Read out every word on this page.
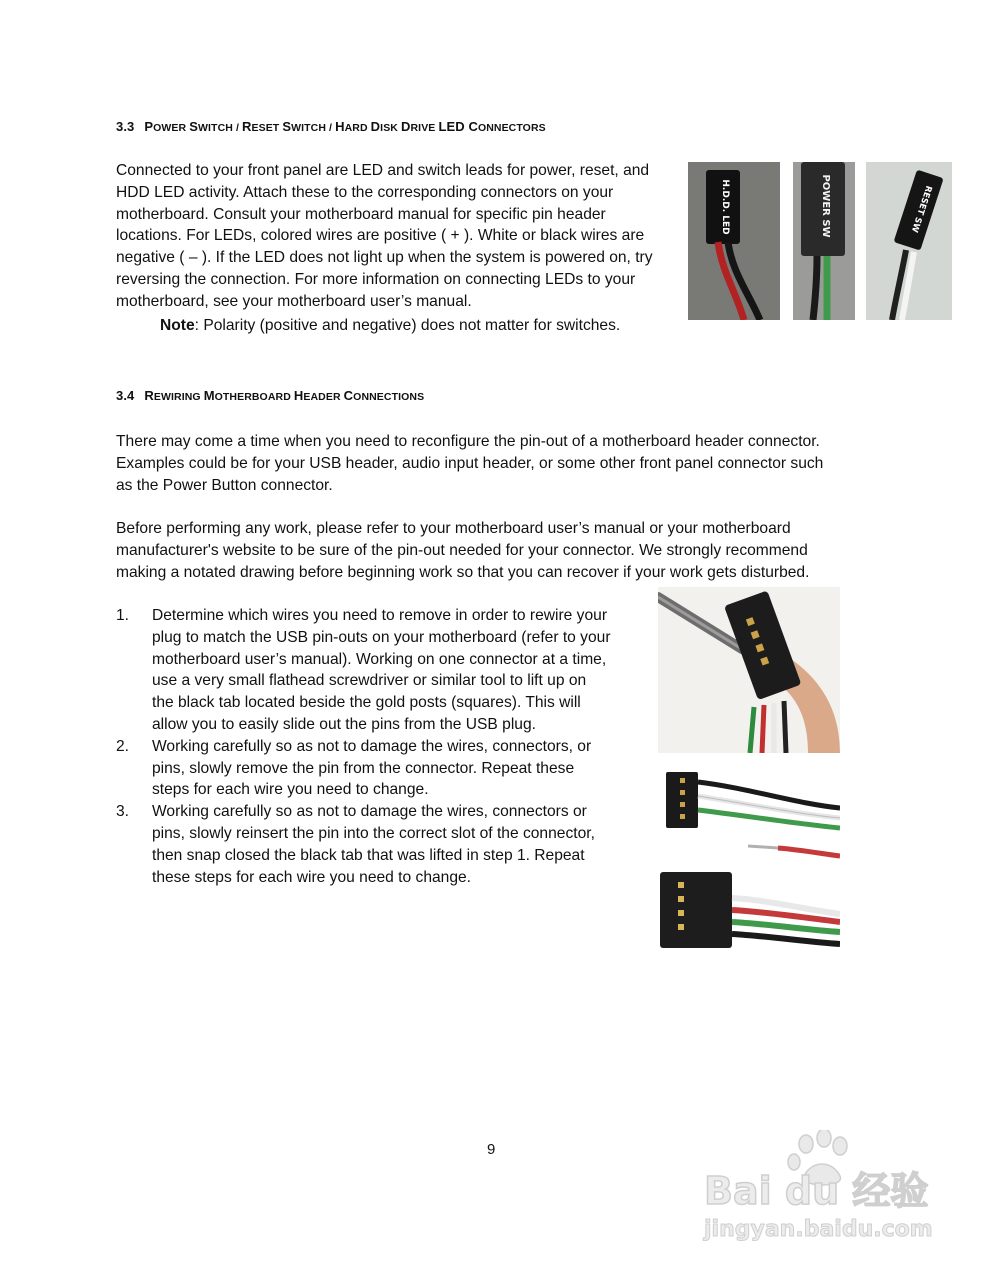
3.3 POWER SWITCH / RESET SWITCH / HARD DISK DRIVE LED CONNECTORS

Connected to your front panel are LED and switch leads for power, reset, and

HDD LED activity. Attach these to the corresponding connectors on your

motherboard. Consult your motherboard manual for specific pin header

locations. For LEDs, colored wires are positive ( + ). White or black wires are

negative ( – ). If the LED does not light up when the system is powered on, try

reversing the connection. For more information on connecting LEDs to your

motherboard, see your motherboard user’s manual.

Note: Polarity (positive and negative) does not matter for switches.
H.D.D. LED	POWER SW	RESET SW
3.4 REWIRING MOTHERBOARD HEADER CONNECTIONS

There may come a time when you need to reconfigure the pin-out of a motherboard header connector.

Examples could be for your USB header, audio input header, or some other front panel connector such

as the Power Button connector.

Before performing any work, please refer to your motherboard user’s manual or your motherboard

manufacturer's website to be sure of the pin-out needed for your connector. We strongly recommend

making a notated drawing before beginning work so that you can recover if your work gets disturbed.

1. Determine which wires you need to remove in order to rewire your
plug to match the USB pin-outs on your motherboard (refer to your
motherboard user’s manual). Working on one connector at a time,
use a very small flathead screwdriver or similar tool to lift up on
the black tab located beside the gold posts (squares). This will
allow you to easily slide out the pins from the USB plug.
2. Working carefully so as not to damage the wires, connectors, or
pins, slowly remove the pin from the connector. Repeat these
steps for each wire you need to change.
3. Working carefully so as not to damage the wires, connectors or
pins, slowly reinsert the pin into the correct slot of the connector,
then snap closed the black tab that was lifted in step 1. Repeat
these steps for each wire you need to change.
9
Bai du 经验
jingyan.baidu.com
